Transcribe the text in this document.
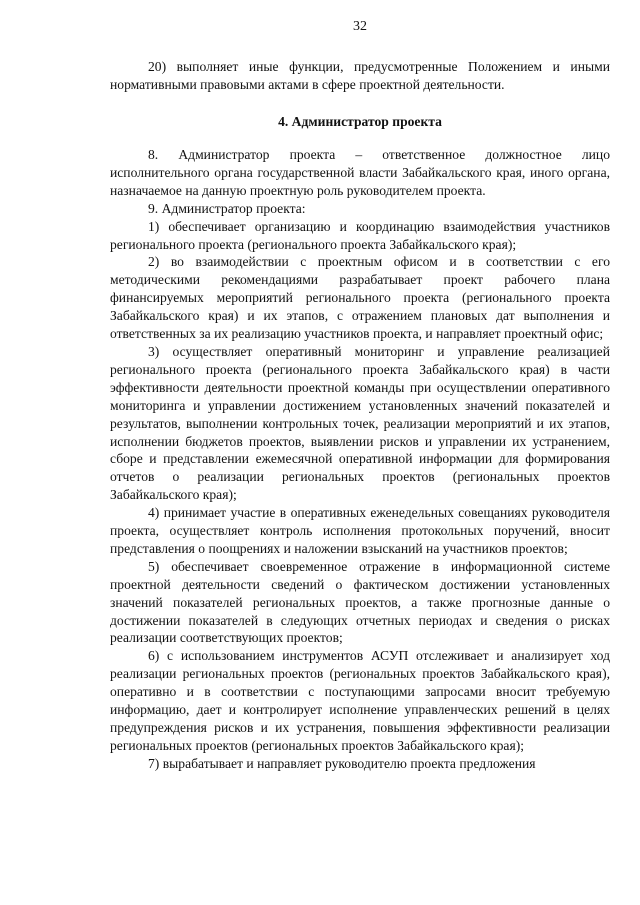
32

20) выполняет иные функции, предусмотренные Положением и иными нормативными правовыми актами в сфере проектной деятельности.

4. Администратор проекта

8. Администратор проекта – ответственное должностное лицо исполнительного органа государственной власти Забайкальского края, иного органа, назначаемое на данную проектную роль руководителем проекта.

9. Администратор проекта:

1) обеспечивает организацию и координацию взаимодействия участников регионального проекта (регионального проекта Забайкальского края);

2) во взаимодействии с проектным офисом и в соответствии с его методическими рекомендациями разрабатывает проект рабочего плана финансируемых мероприятий регионального проекта (регионального проекта Забайкальского края) и их этапов, с отражением плановых дат выполнения и ответственных за их реализацию участников проекта, и направляет проектный офис;

3) осуществляет оперативный мониторинг и управление реализацией регионального проекта (регионального проекта Забайкальского края) в части эффективности деятельности проектной команды при осуществлении оперативного мониторинга и управлении достижением установленных значений показателей и результатов, выполнении контрольных точек, реализации мероприятий и их этапов, исполнении бюджетов проектов, выявлении рисков и управлении их устранением, сборе и представлении ежемесячной оперативной информации для формирования отчетов о реализации региональных проектов (региональных проектов Забайкальского края);

4) принимает участие в оперативных еженедельных совещаниях руководителя проекта, осуществляет контроль исполнения протокольных поручений, вносит представления о поощрениях и наложении взысканий на участников проектов;

5) обеспечивает своевременное отражение в информационной системе проектной деятельности сведений о фактическом достижении установленных значений показателей региональных проектов, а также прогнозные данные о достижении показателей в следующих отчетных периодах и сведения о рисках реализации соответствующих проектов;

6) с использованием инструментов АСУП отслеживает и анализирует ход реализации региональных проектов (региональных проектов Забайкальского края), оперативно и в соответствии с поступающими запросами вносит требуемую информацию, дает и контролирует исполнение управленческих решений в целях предупреждения рисков и их устранения, повышения эффективности реализации региональных проектов (региональных проектов Забайкальского края);

7) вырабатывает и направляет руководителю проекта предложения
